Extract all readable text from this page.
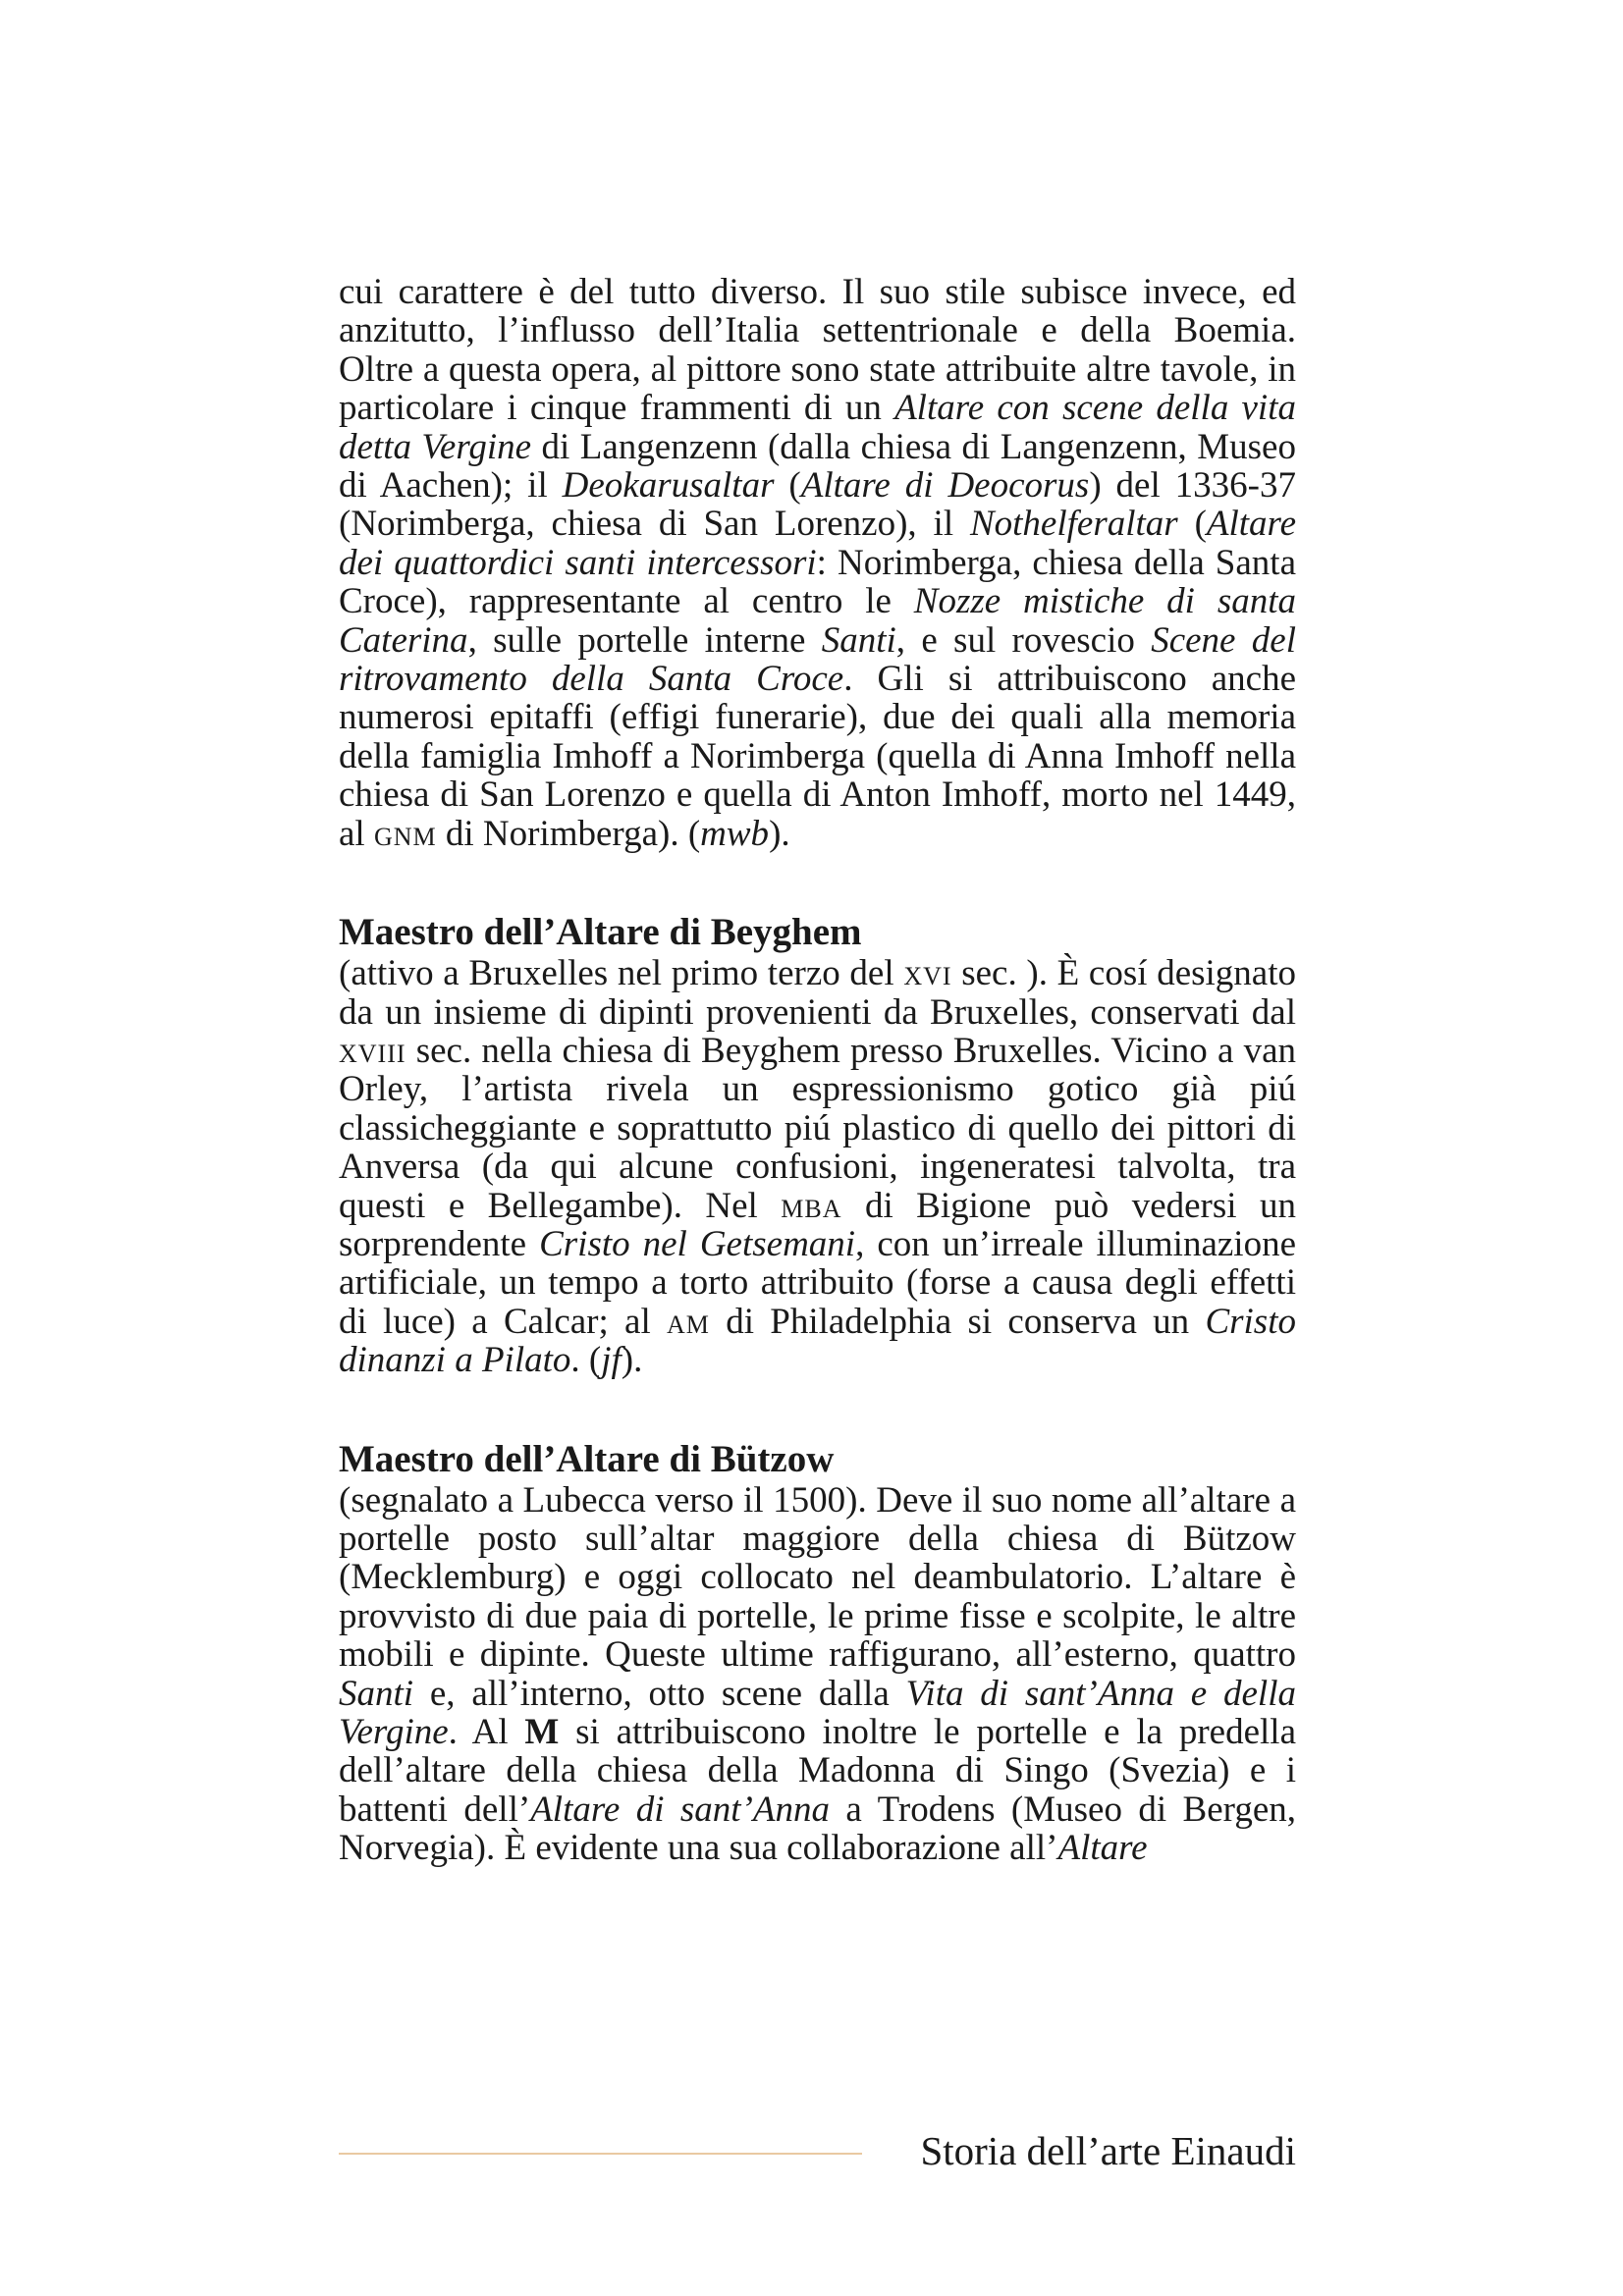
cui carattere è del tutto diverso. Il suo stile subisce invece, ed anzitutto, l’influsso dell’Italia settentrionale e della Boemia. Oltre a questa opera, al pittore sono state attribuite altre tavole, in particolare i cinque frammenti di un Altare con scene della vita detta Vergine di Langenzenn (dalla chiesa di Langenzenn, Museo di Aachen); il Deokarusaltar (Altare di Deocorus) del 1336-37 (Norimberga, chiesa di San Lorenzo), il Nothelferaltar (Altare dei quattordici santi intercessori: Norimberga, chiesa della Santa Croce), rappresentante al centro le Nozze mistiche di santa Caterina, sulle portelle interne Santi, e sul rovescio Scene del ritrovamento della Santa Croce. Gli si attribuiscono anche numerosi epitaffi (effigi funerarie), due dei quali alla memoria della famiglia Imhoff a Norimberga (quella di Anna Imhoff nella chiesa di San Lorenzo e quella di Anton Imhoff, morto nel 1449, al gnm di Norimberga). (mwb).

Maestro dell’Altare di Beyghem

(attivo a Bruxelles nel primo terzo del xvi sec. ). È cosí designato da un insieme di dipinti provenienti da Bruxelles, conservati dal xviii sec. nella chiesa di Beyghem presso Bruxelles. Vicino a van Orley, l’artista rivela un espressionismo gotico già piú classicheggiante e soprattutto piú plastico di quello dei pittori di Anversa (da qui alcune confusioni, ingeneratesi talvolta, tra questi e Bellegambe). Nel mba di Bigione può vedersi un sorprendente Cristo nel Getsemani, con un’irreale illuminazione artificiale, un tempo a torto attribuito (forse a causa degli effetti di luce) a Calcar; al am di Philadelphia si conserva un Cristo dinanzi a Pilato. (jf).

Maestro dell’Altare di Bützow

(segnalato a Lubecca verso il 1500). Deve il suo nome all’altare a portelle posto sull’altar maggiore della chiesa di Bützow (Mecklemburg) e oggi collocato nel deambulatorio. L’altare è provvisto di due paia di portelle, le prime fisse e scolpite, le altre mobili e dipinte. Queste ultime raffigurano, all’esterno, quattro Santi e, all’interno, otto scene dalla Vita di sant’Anna e della Vergine. Al M si attribuiscono inoltre le portelle e la predella dell’altare della chiesa della Madonna di Singo (Svezia) e i battenti dell’Altare di sant’Anna a Trodens (Museo di Bergen, Norvegia). È evidente una sua collaborazione all’Altare

Storia dell’arte Einaudi
